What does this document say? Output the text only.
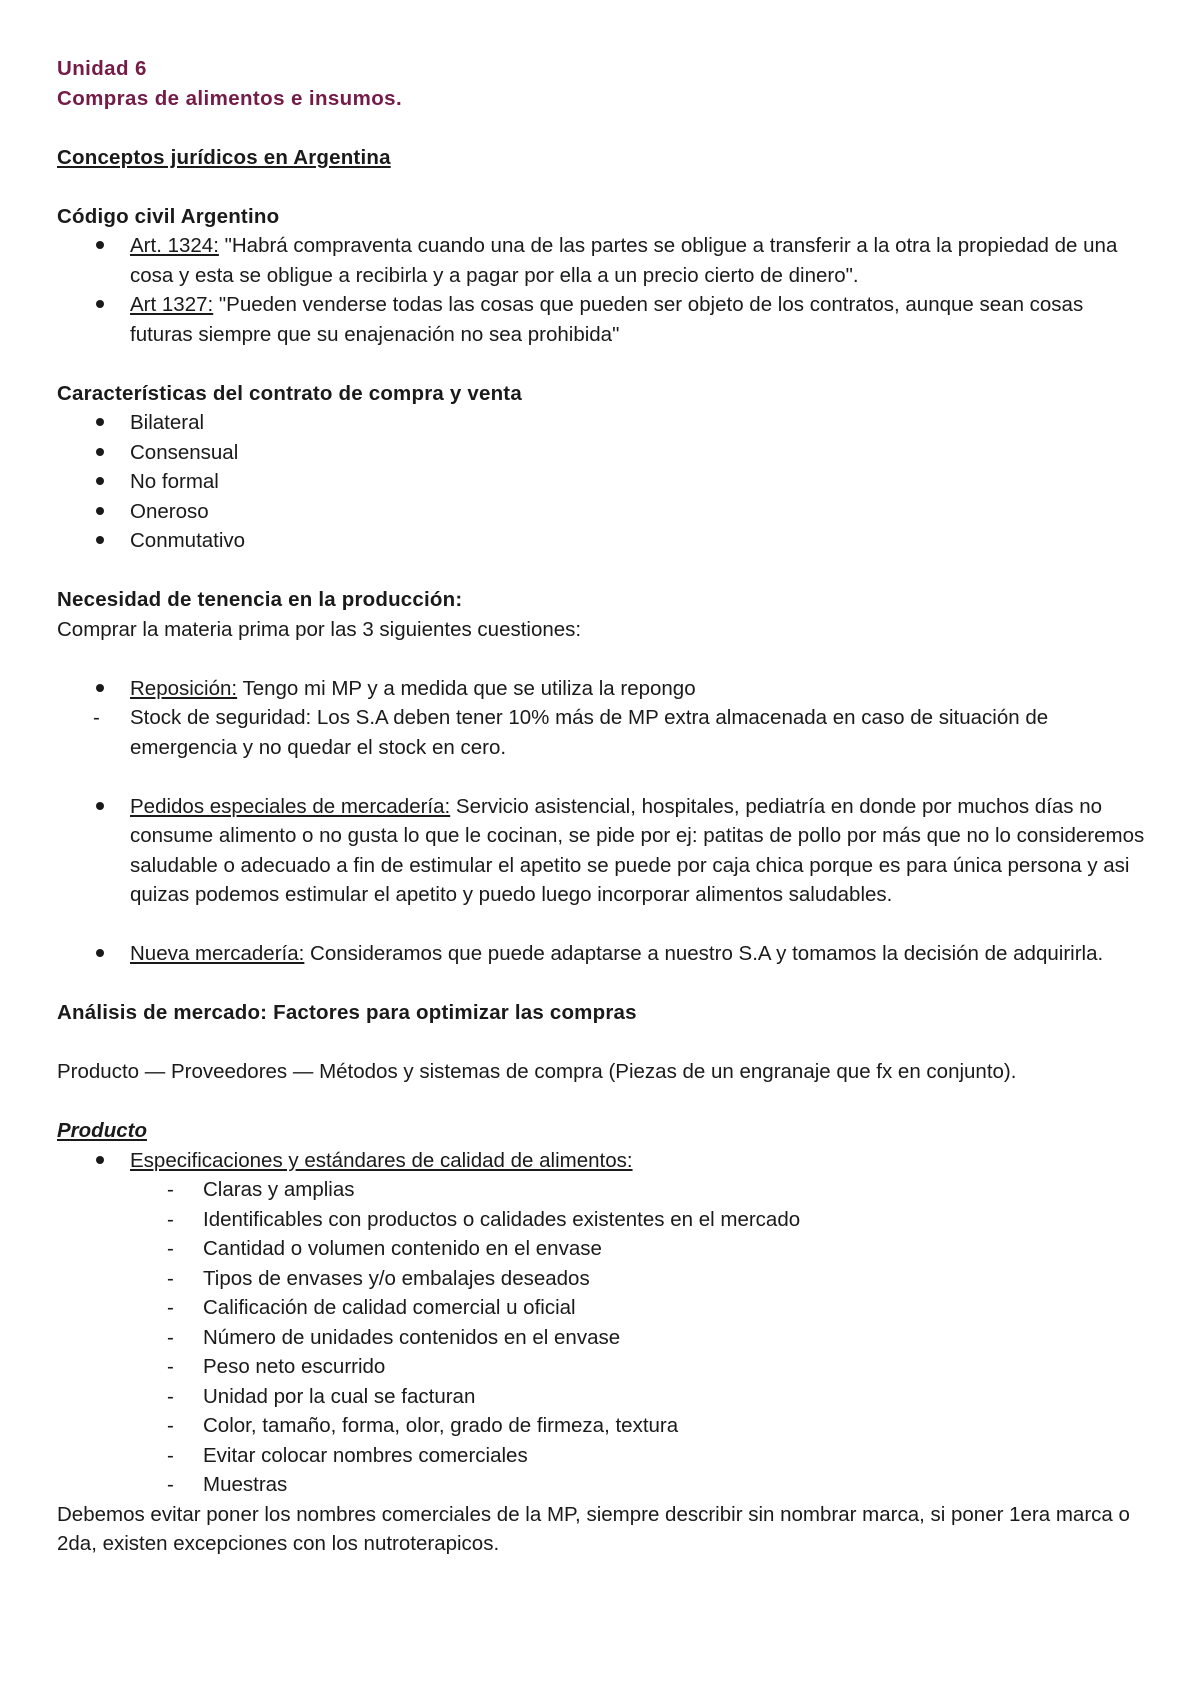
Unidad 6
Compras de alimentos e insumos.
Conceptos jurídicos en Argentina
Código civil Argentino
Art. 1324: "Habrá compraventa cuando una de las partes se obligue a transferir a la otra la propiedad de una cosa y esta se obligue a recibirla y a pagar por ella a un precio cierto de dinero".
Art 1327: "Pueden venderse todas las cosas que pueden ser objeto de los contratos, aunque sean cosas futuras siempre que su enajenación no sea prohibida"
Características del contrato de compra y venta
Bilateral
Consensual
No formal
Oneroso
Conmutativo
Necesidad de tenencia en la producción:
Comprar la materia prima por las 3 siguientes cuestiones:
Reposición: Tengo mi MP y a medida que se utiliza la repongo
- Stock de seguridad: Los S.A deben tener 10% más de MP extra almacenada en caso de situación de emergencia y no quedar el stock en cero.
Pedidos especiales de mercadería: Servicio asistencial, hospitales, pediatría en donde por muchos días no consume alimento o no gusta lo que le cocinan, se pide por ej: patitas de pollo por más que no lo consideremos saludable o adecuado a fin de estimular el apetito se puede por caja chica porque es para única persona y asi quizas podemos estimular el apetito y puedo luego incorporar alimentos saludables.
Nueva mercadería: Consideramos que puede adaptarse a nuestro S.A y tomamos la decisión de adquirirla.
Análisis de mercado: Factores para optimizar las compras
Producto — Proveedores — Métodos y sistemas de compra (Piezas de un engranaje que fx en conjunto).
Producto
Especificaciones y estándares de calidad de alimentos:
- Claras y amplias
- Identificables con productos o calidades existentes en el mercado
- Cantidad o volumen contenido en el envase
- Tipos de envases y/o embalajes deseados
- Calificación de calidad comercial u oficial
- Número de unidades contenidos en el envase
- Peso neto escurrido
- Unidad por la cual se facturan
- Color, tamaño, forma, olor, grado de firmeza, textura
- Evitar colocar nombres comerciales
- Muestras
Debemos evitar poner los nombres comerciales de la MP, siempre describir sin nombrar marca, si poner 1era marca o 2da, existen excepciones con los nutroterapicos.
